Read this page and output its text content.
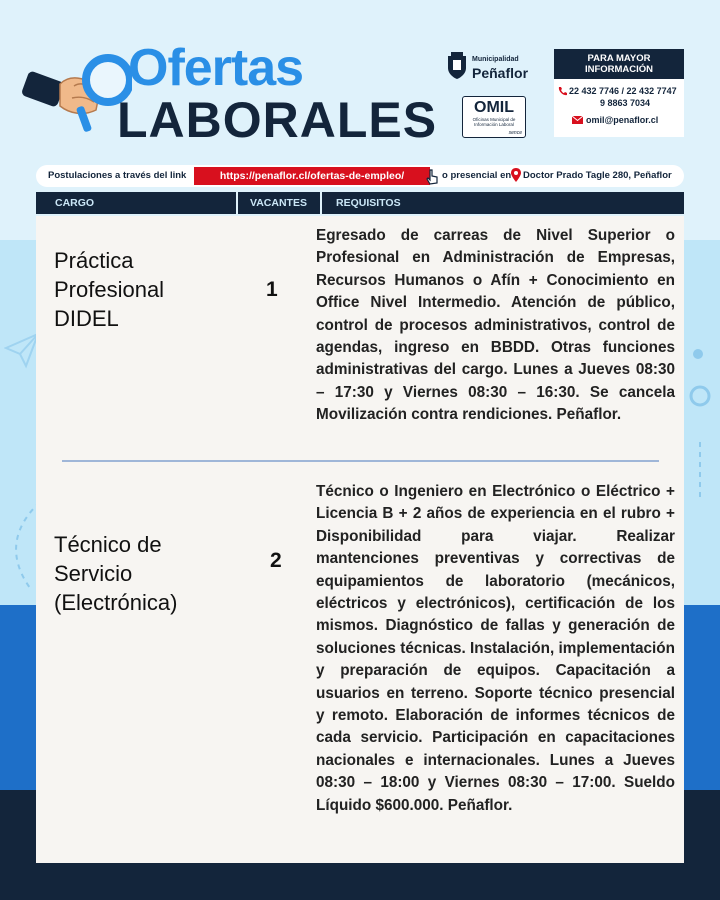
Ofertas
LABORALES
Municipalidad
Peñaflor
OMIL
Oficinas Municipal de Información Laboral
sence
PARA MAYOR INFORMACIÓN
22 432 7746 / 22 432 7747
9 8863 7034
omil@penaflor.cl
Postulaciones a través del link	https://penaflor.cl/ofertas-de-empleo/	o presencial en Doctor Prado Tagle 280, Peñaflor
CARGO	VACANTES	REQUISITOS
Práctica Profesional DIDEL
1
Egresado de carreas de Nivel Superior o Profesional en Administración de Empresas, Recursos Humanos o Afín + Conocimiento en Office Nivel Intermedio. Atención de público, control de procesos administrativos, control de agendas, ingreso en BBDD. Otras funciones administrativas del cargo. Lunes a Jueves 08:30 – 17:30 y Viernes 08:30 – 16:30. Se cancela Movilización contra rendiciones. Peñaflor.
Técnico de Servicio (Electrónica)
2
Técnico o Ingeniero en Electrónico o Eléctrico + Licencia B + 2 años de experiencia en el rubro + Disponibilidad para viajar. Realizar mantenciones preventivas y correctivas de equipamientos de laboratorio (mecánicos, eléctricos y electrónicos), certificación de los mismos. Diagnóstico de fallas y generación de soluciones técnicas. Instalación, implementación y preparación de equipos. Capacitación a usuarios en terreno. Soporte técnico presencial y remoto. Elaboración de informes técnicos de cada servicio. Participación en capacitaciones nacionales e internacionales. Lunes a Jueves 08:30 – 18:00 y Viernes 08:30 – 17:00. Sueldo Líquido $600.000. Peñaflor.
